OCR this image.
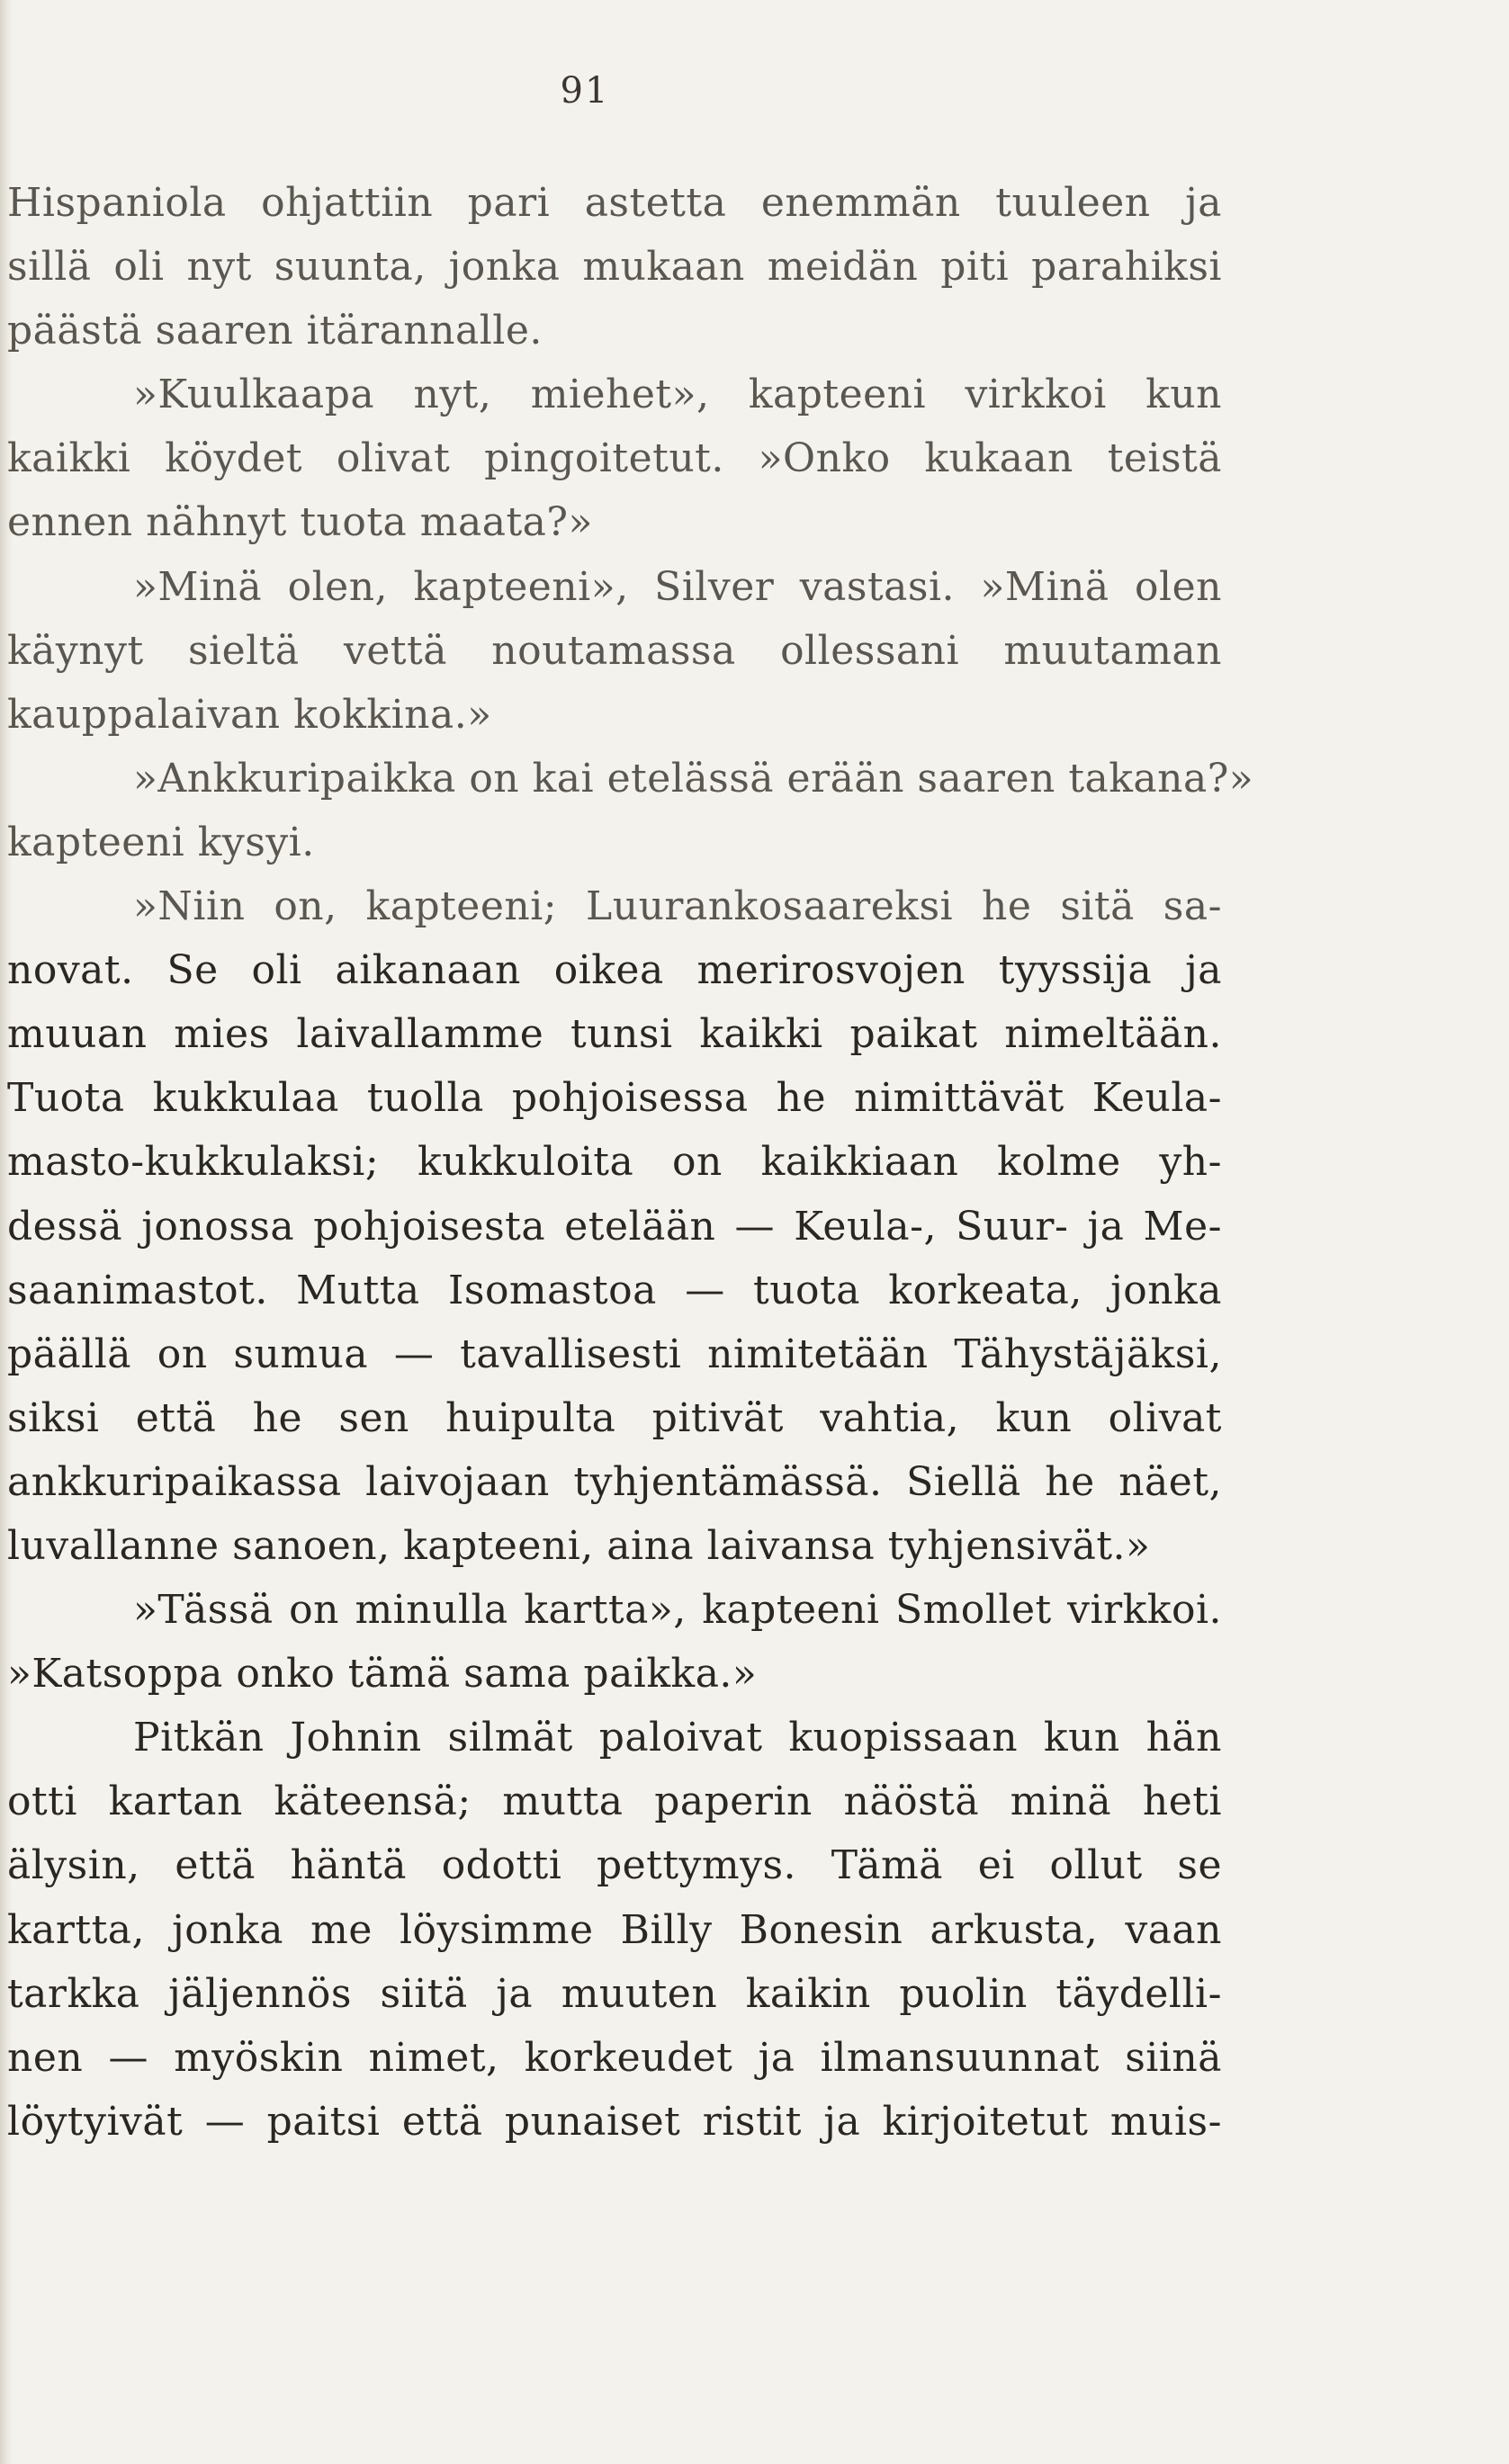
91
Hispaniola ohjattiin pari astetta enemmän tuuleen ja
sillä oli nyt suunta, jonka mukaan meidän piti parahiksi
päästä saaren itärannalle.
»Kuulkaapa nyt, miehet», kapteeni virkkoi kun
kaikki köydet olivat pingoitetut. »Onko kukaan teistä
ennen nähnyt tuota maata?»
»Minä olen, kapteeni», Silver vastasi. »Minä olen
käynyt sieltä vettä noutamassa ollessani muutaman
kauppalaivan kokkina.»
»Ankkuripaikka on kai etelässä erään saaren takana?»
kapteeni kysyi.
»Niin on, kapteeni; Luurankosaareksi he sitä sa-
novat. Se oli aikanaan oikea merirosvojen tyyssija ja
muuan mies laivallamme tunsi kaikki paikat nimeltään.
Tuota kukkulaa tuolla pohjoisessa he nimittävät Keula-
masto-kukkulaksi; kukkuloita on kaikkiaan kolme yh-
dessä jonossa pohjoisesta etelään — Keula-, Suur- ja Me-
saanimastot. Mutta Isomastoa — tuota korkeata, jonka
päällä on sumua — tavallisesti nimitetään Tähystäjäksi,
siksi että he sen huipulta pitivät vahtia, kun olivat
ankkuripaikassa laivojaan tyhjentämässä. Siellä he näet,
luvallanne sanoen, kapteeni, aina laivansa tyhjensivät.»
»Tässä on minulla kartta», kapteeni Smollet virkkoi.
»Katsoppa onko tämä sama paikka.»
Pitkän Johnin silmät paloivat kuopissaan kun hän
otti kartan käteensä; mutta paperin näöstä minä heti
älysin, että häntä odotti pettymys. Tämä ei ollut se
kartta, jonka me löysimme Billy Bonesin arkusta, vaan
tarkka jäljennös siitä ja muuten kaikin puolin täydelli-
nen — myöskin nimet, korkeudet ja ilmansuunnat siinä
löytyivät — paitsi että punaiset ristit ja kirjoitetut muis-
